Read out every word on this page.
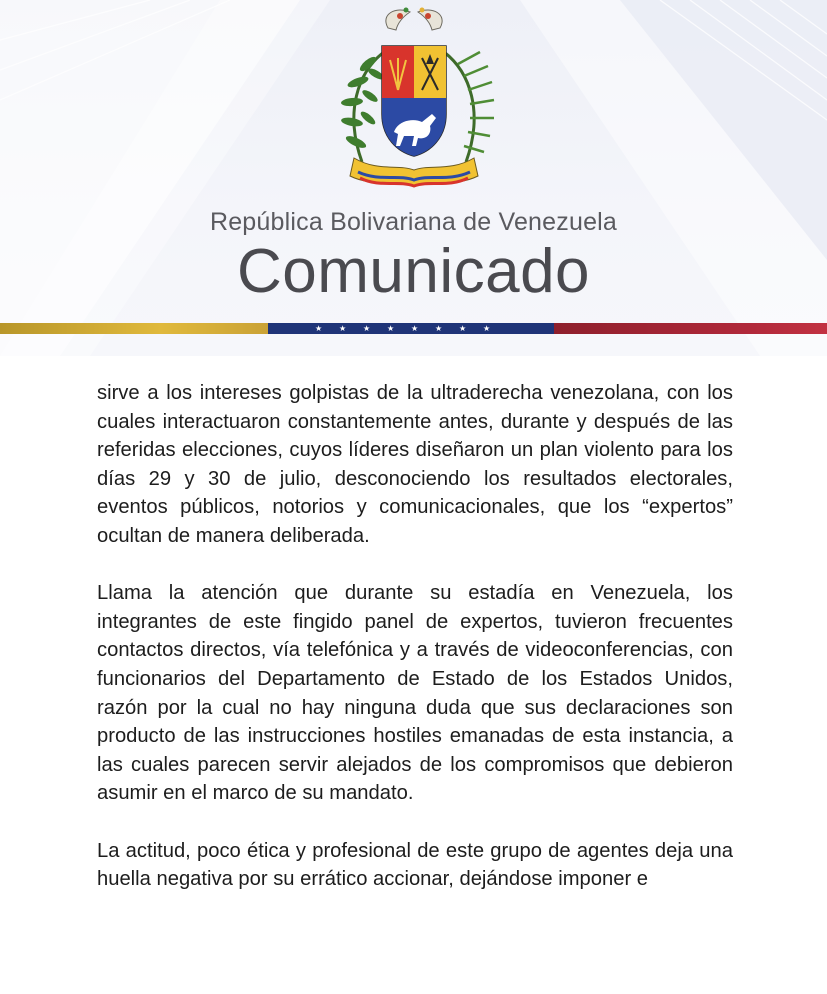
República Bolivariana de Venezuela
Comunicado
★ ★ ★ ★ ★ ★ ★ ★

sirve a los intereses golpistas de la ultraderecha venezolana, con los cuales interactuaron constantemente antes, durante y después de las referidas elecciones, cuyos líderes diseñaron un plan violento para los días 29 y 30 de julio, desconociendo los resultados electorales, eventos públicos, notorios y comunicacionales, que los “expertos” ocultan de manera deliberada.

Llama la atención que durante su estadía en Venezuela, los integrantes de este fingido panel de expertos, tuvieron frecuentes contactos directos, vía telefónica y a través de videoconferencias, con funcionarios del Departamento de Estado de los Estados Unidos, razón por la cual no hay ninguna duda que sus declaraciones son producto de las instrucciones hostiles emanadas de esta instancia, a las cuales parecen servir alejados de los compromisos que debieron asumir en el marco de su mandato.

La actitud, poco ética y profesional de este grupo de agentes deja una huella negativa por su errático accionar, dejándose imponer e
